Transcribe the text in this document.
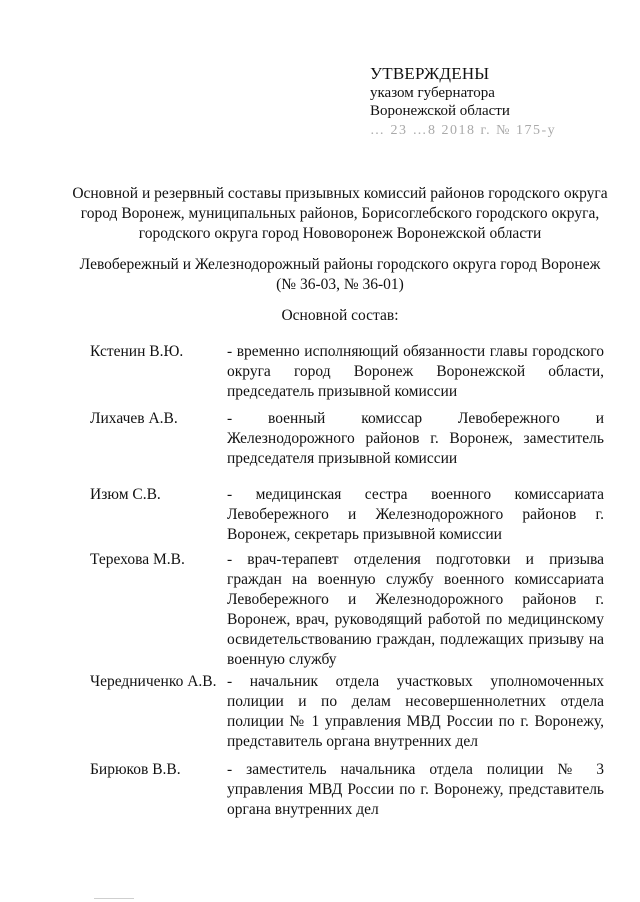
УТВЕРЖДЕНЫ
указом губернатора
Воронежской области
… 23 …8 2018 г. № 175-у
Основной и резервный составы призывных комиссий районов городского округа город Воронеж, муниципальных районов, Борисоглебского городского округа, городского округа город Нововоронеж Воронежской области
Левобережный и Железнодорожный районы городского округа город Воронеж (№ 36-03, № 36-01)
Основной состав:
Кстенин В.Ю.	- временно исполняющий обязанности главы городского округа город Воронеж Воронежской области, председатель призывной комиссии
Лихачев А.В.	- военный комиссар Левобережного и Железнодорожного районов г. Воронеж, заместитель председателя призывной комиссии
Изюм С.В.	- медицинская сестра военного комиссариата Левобережного и Железнодорожного районов г. Воронеж, секретарь призывной комиссии
Терехова М.В.	- врач-терапевт отделения подготовки и призыва граждан на военную службу военного комиссариата Левобережного и Железнодорожного районов г. Воронеж, врач, руководящий работой по медицинскому освидетельствованию граждан, подлежащих призыву на военную службу
Чередниченко А.В. - начальник отдела участковых уполномоченных полиции и по делам несовершеннолетних отдела полиции № 1 управления МВД России по г. Воронежу, представитель органа внутренних дел
Бирюков В.В.	- заместитель начальника отдела полиции № 3 управления МВД России по г. Воронежу, представитель органа внутренних дел
